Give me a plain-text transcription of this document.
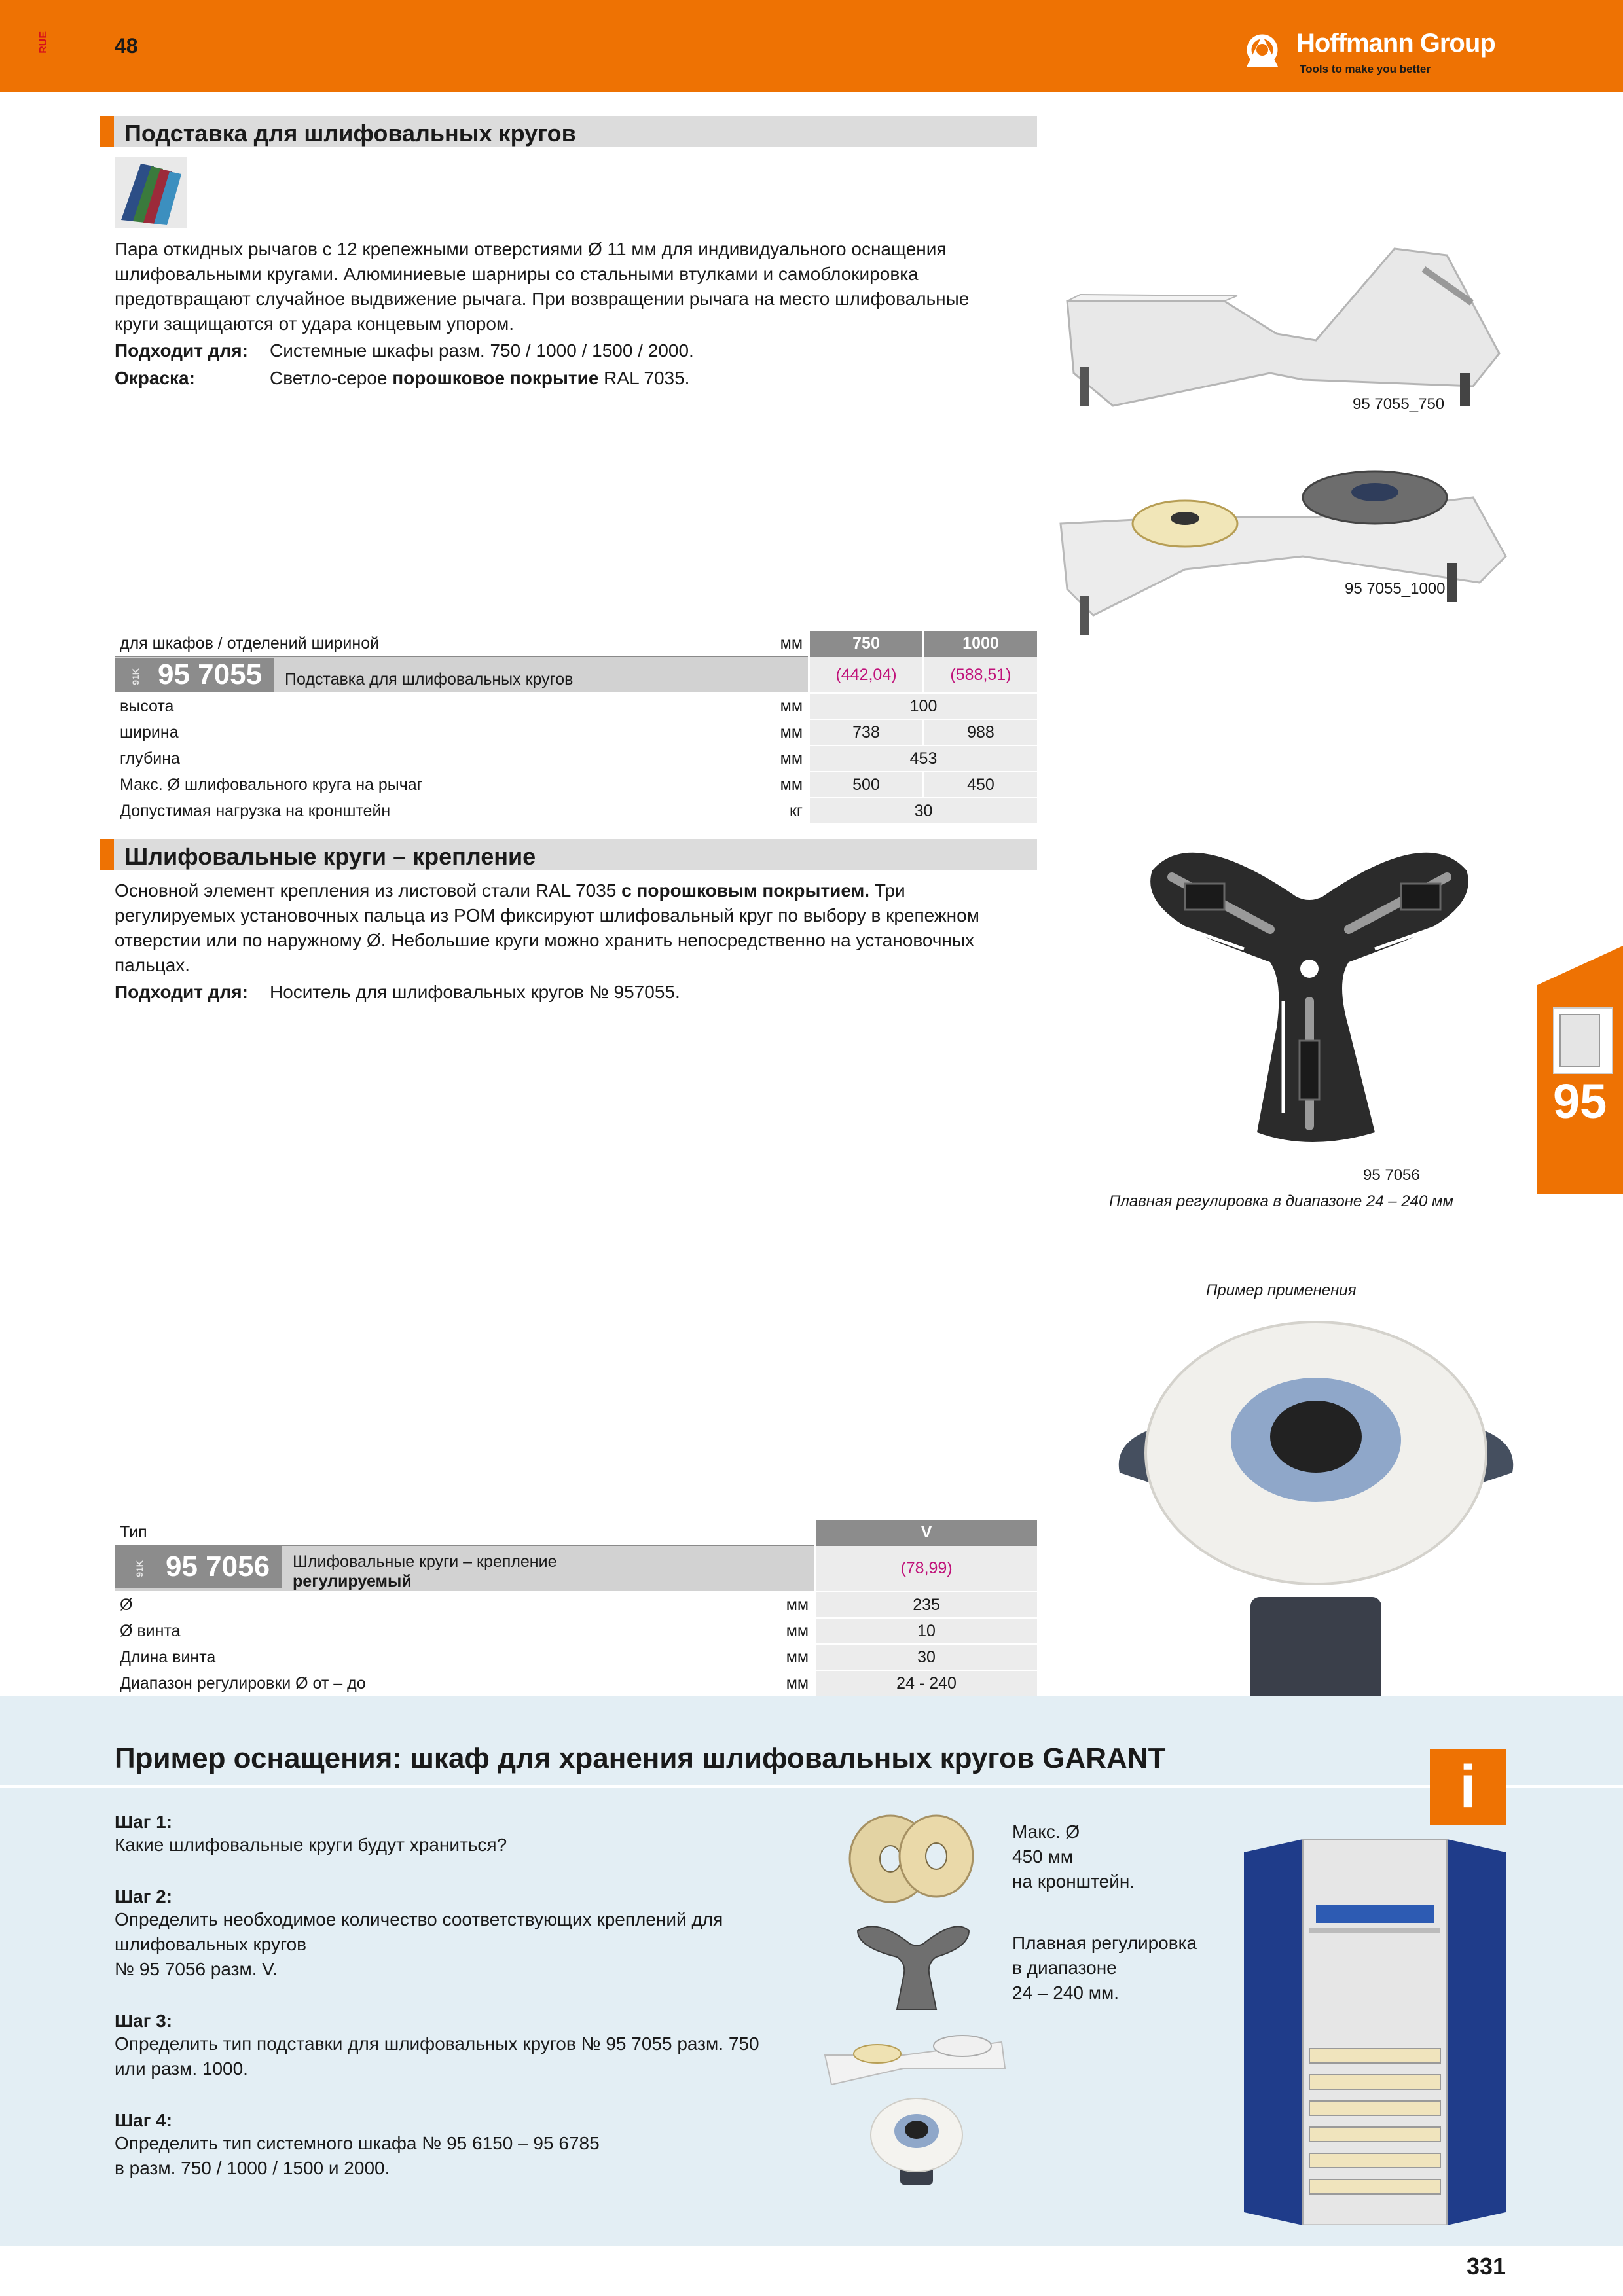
RUE	48	Hoffmann Group
Tools to make you better
Подставка для шлифовальных кругов
Пара откидных рычагов с 12 крепежными отверстиями Ø 11 мм для индивидуального оснащения
шлифовальными кругами. Алюминиевые шарниры со стальными втулками и самоблокировка
предотвращают случайное выдвижение рычага. При возвращении рычага на место шлифовальные
круги защищаются от удара концевым упором.
Подходит для: Системные шкафы разм. 750 / 1000 / 1500 / 2000.
Окраска:	Светло-серое порошковое покрытие RAL 7035.
95 7055_750
95 7055_1000
для шкафов / отделений шириной	мм	750	1000
91K 95 7055 Подставка для шлифовальных кругов		(442,04)	(588,51)
высота	мм	100	
ширина	мм	738	988
глубина	мм	453	
Макс. Ø шлифовального круга на рычаг	мм	500	450
Допустимая нагрузка на кронштейн	кг	30	
Шлифовальные круги – крепление
Основной элемент крепления из листовой стали RAL 7035 с порошковым покрытием. Три
регулируемых установочных пальца из POM фиксируют шлифовальный круг по выбору в крепежном
отверстии или по наружному Ø. Небольшие круги можно хранить непосредственно на установочных
пальцах.
Подходит для: Носитель для шлифовальных кругов № 957055.
95 7056
Плавная регулировка в диапазоне 24 – 240 мм
Пример применения
Тип		V
91K 95 7056 Шлифовальные круги – крепление
регулируемый		(78,99)
Ø	мм	235
Ø винта	мм	10
Длина винта	мм	30
Диапазон регулировки Ø от – до	мм	24 - 240
95
Пример оснащения: шкаф для хранения шлифовальных кругов GARANT	i
Шаг 1:
Какие шлифовальные круги будут храниться?
Шаг 2:
Определить необходимое количество соответствующих креплений для
шлифовальных кругов
№ 95 7056 разм. V.
Шаг 3:
Определить тип подставки для шлифовальных кругов № 95 7055 разм. 750
или разм. 1000.
Шаг 4:
Определить тип системного шкафа № 95 6150 – 95 6785
в разм. 750 / 1000 / 1500 и 2000.
Макс. Ø
450 мм
на кронштейн.
Плавная регулировка
в диапазоне
24 – 240 мм.
331
